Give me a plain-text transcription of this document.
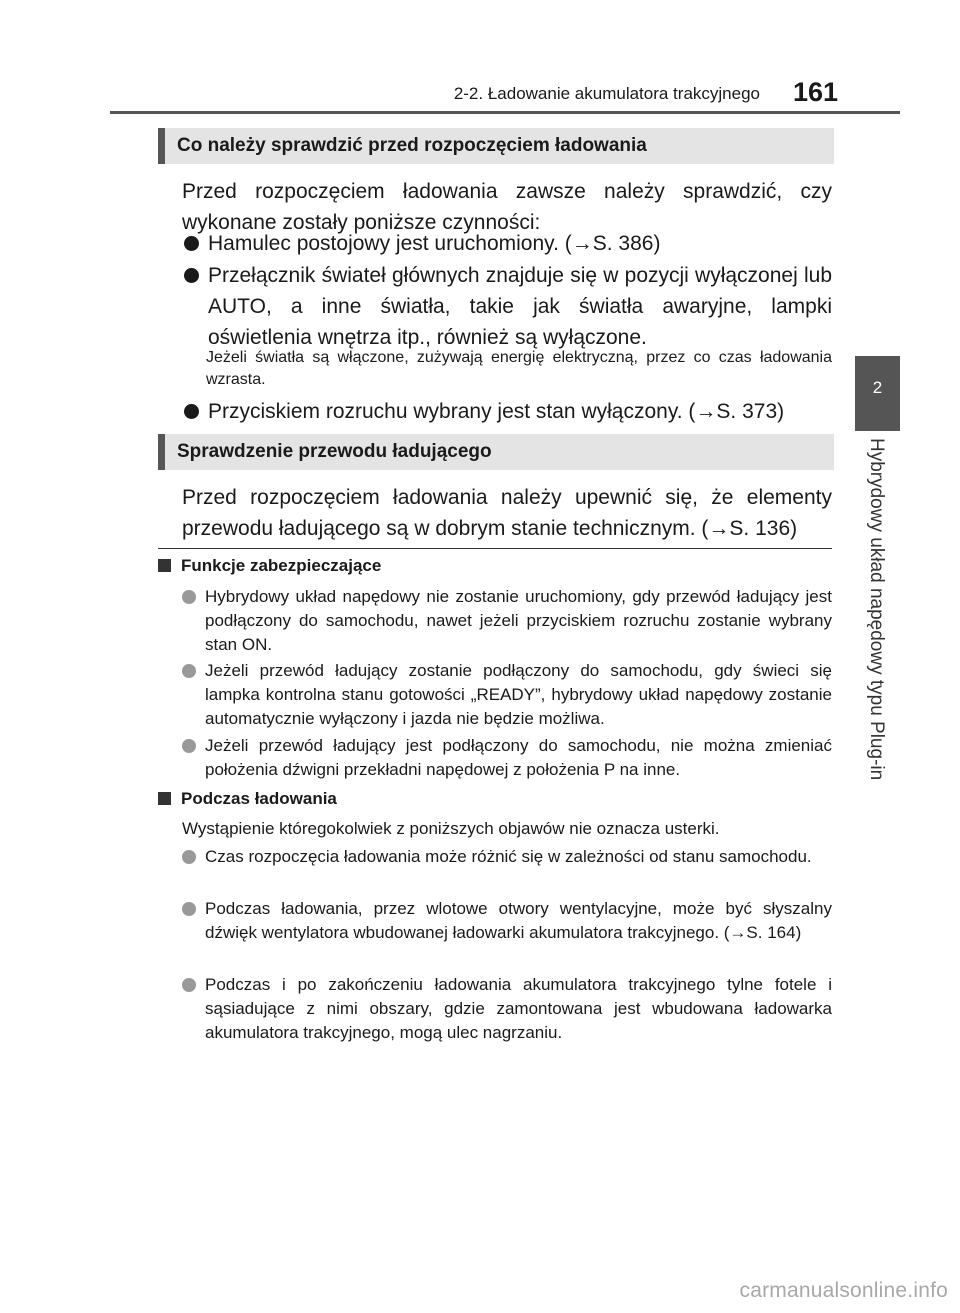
2-2. Ładowanie akumulatora trakcyjnego 161
2
Hybrydowy układ napędowy typu Plug-in
Co należy sprawdzić przed rozpoczęciem ładowania
Przed rozpoczęciem ładowania zawsze należy sprawdzić, czy wykonane zostały poniższe czynności:
Hamulec postojowy jest uruchomiony. (→S. 386)
Przełącznik świateł głównych znajduje się w pozycji wyłączonej lub AUTO, a inne światła, takie jak światła awaryjne, lampki oświetlenia wnętrza itp., również są wyłączone.
Jeżeli światła są włączone, zużywają energię elektryczną, przez co czas ładowania wzrasta.
Przyciskiem rozruchu wybrany jest stan wyłączony. (→S. 373)
Sprawdzenie przewodu ładującego
Przed rozpoczęciem ładowania należy upewnić się, że elementy przewodu ładującego są w dobrym stanie technicznym. (→S. 136)
Funkcje zabezpieczające
Hybrydowy układ napędowy nie zostanie uruchomiony, gdy przewód ładujący jest podłączony do samochodu, nawet jeżeli przyciskiem rozruchu zostanie wybrany stan ON.
Jeżeli przewód ładujący zostanie podłączony do samochodu, gdy świeci się lampka kontrolna stanu gotowości „READY”, hybrydowy układ napędowy zostanie automatycznie wyłączony i jazda nie będzie możliwa.
Jeżeli przewód ładujący jest podłączony do samochodu, nie można zmieniać położenia dźwigni przekładni napędowej z położenia P na inne.
Podczas ładowania
Wystąpienie któregokolwiek z poniższych objawów nie oznacza usterki.
Czas rozpoczęcia ładowania może różnić się w zależności od stanu samochodu.
Podczas ładowania, przez wlotowe otwory wentylacyjne, może być słyszalny dźwięk wentylatora wbudowanej ładowarki akumulatora trakcyjnego. (→S. 164)
Podczas i po zakończeniu ładowania akumulatora trakcyjnego tylne fotele i sąsiadujące z nimi obszary, gdzie zamontowana jest wbudowana ładowarka akumulatora trakcyjnego, mogą ulec nagrzaniu.
carmanualsonline.info
